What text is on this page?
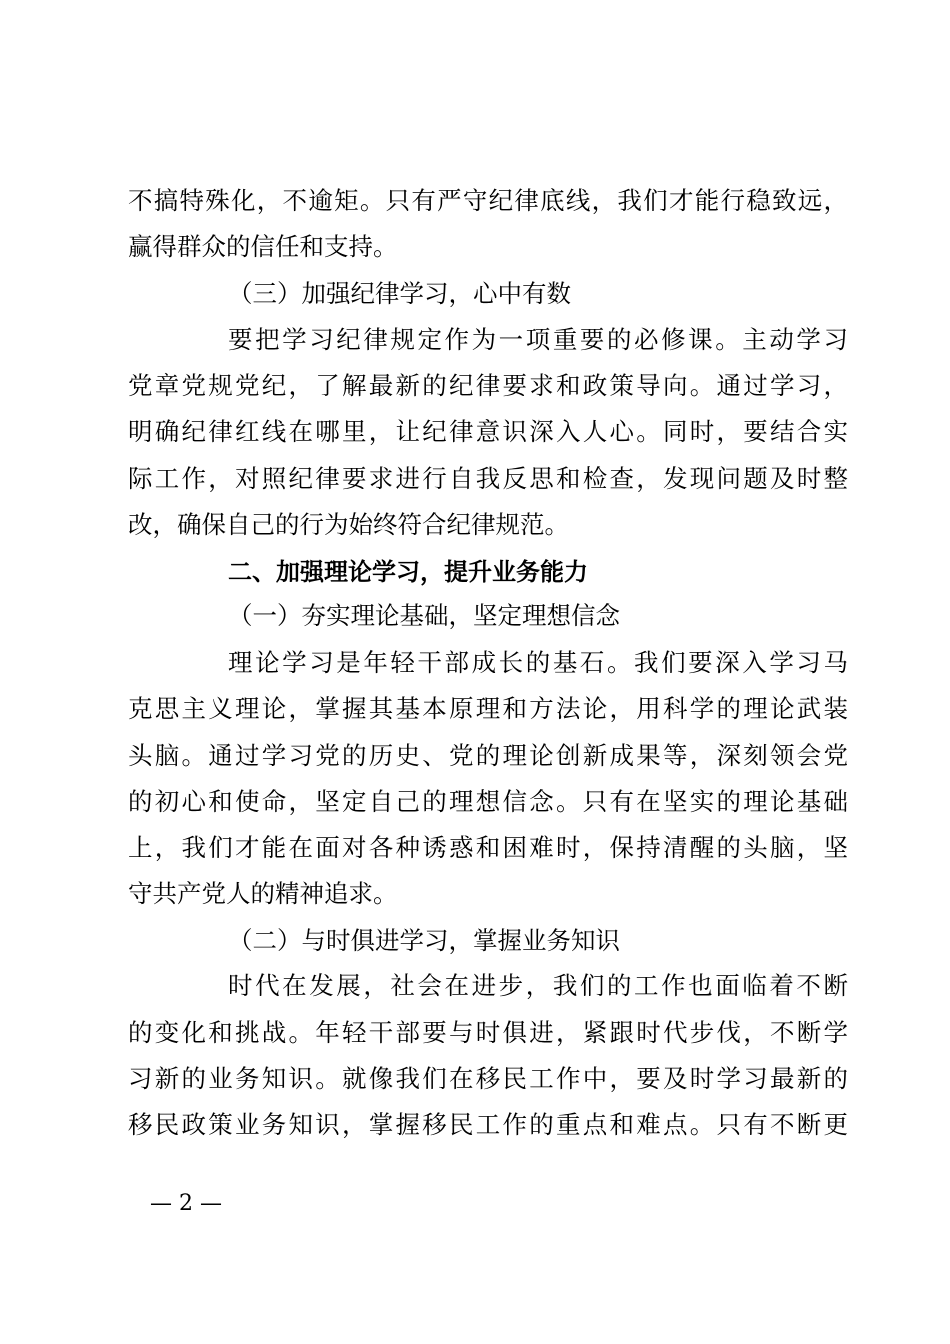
不搞特殊化，不逾矩。只有严守纪律底线，我们才能行稳致远，
赢得群众的信任和支持。
（三）加强纪律学习，心中有数
要把学习纪律规定作为一项重要的必修课。主动学习
党章党规党纪，了解最新的纪律要求和政策导向。通过学习，
明确纪律红线在哪里，让纪律意识深入人心。同时，要结合实
际工作，对照纪律要求进行自我反思和检查，发现问题及时整
改，确保自己的行为始终符合纪律规范。
二、加强理论学习，提升业务能力
（一）夯实理论基础，坚定理想信念
理论学习是年轻干部成长的基石。我们要深入学习马
克思主义理论，掌握其基本原理和方法论，用科学的理论武装
头脑。通过学习党的历史、党的理论创新成果等，深刻领会党
的初心和使命，坚定自己的理想信念。只有在坚实的理论基础
上，我们才能在面对各种诱惑和困难时，保持清醒的头脑，坚
守共产党人的精神追求。
（二）与时俱进学习，掌握业务知识
时代在发展，社会在进步，我们的工作也面临着不断
的变化和挑战。年轻干部要与时俱进，紧跟时代步伐，不断学
习新的业务知识。就像我们在移民工作中，要及时学习最新的
移民政策业务知识，掌握移民工作的重点和难点。只有不断更
— 2 —
